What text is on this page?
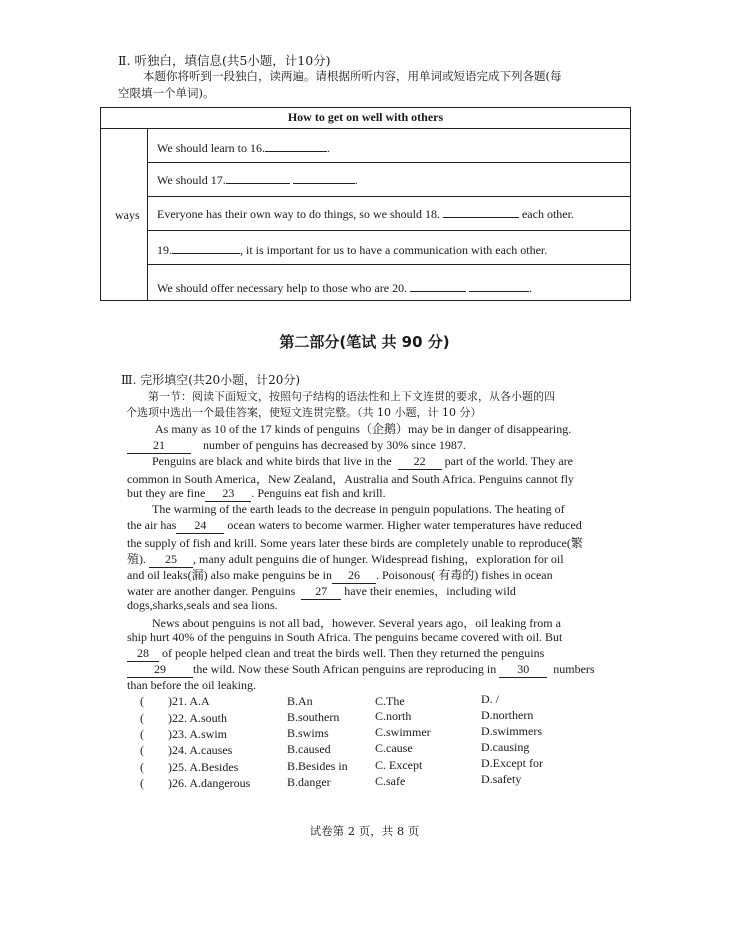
Ⅱ. 听独白，填信息(共5小题，计10分)
本题你将听到一段独白，读两遍。请根据所听内容，用单词或短语完成下列各题(每
空限填一个单词)。
How to get on well with others
ways
We should learn to 16.	.
We should 17.	.
Everyone has their own way to do things, so we should 18.	each other.
19.	, it is important for us to have a communication with each other.
We should offer necessary help to those who are 20.	.
第二部分(笔试 共 90 分)
Ⅲ. 完形填空(共20小题，计20分)
第一节：阅读下面短文，按照句子结构的语法性和上下文连贯的要求，从各小题的四
个选项中选出一个最佳答案，使短文连贯完整。（共 10 小题，计 10 分）
As many as 10 of the 17 kinds of penguins（企鹅）may be in danger of disappearing.
21	number of penguins has decreased by 30% since 1987.
Penguins are black and white birds that live in the 22 part of the world. They are
common in South America，New Zealand，Australia and South Africa. Penguins cannot fly
but they are fine 23 . Penguins eat fish and krill.
The warming of the earth leads to the decrease in penguin populations. The heating of
the air has 24 ocean waters to become warmer. Higher water temperatures have reduced
the supply of fish and krill. Some years later these birds are completely unable to reproduce(繁
殖). 25 , many adult penguins die of hunger. Widespread fishing，exploration for oil
and oil leaks(漏) also make penguins be in 26 . Poisonous( 有毒的) fishes in ocean
water are another danger. Penguins 27 have their enemies，including wild
dogs,sharks,seals and sea lions.
News about penguins is not all bad，however. Several years ago，oil leaking from a
ship hurt 40% of the penguins in South Africa. The penguins became covered with oil. But
28 of people helped clean and treat the birds well. Then they returned the penguins
29 the wild. Now these South African penguins are reproducing in 30 numbers
than before the oil leaking.
( )21. A.A	B.An	C.The	D. /
( )22. A.south	B.southern	C.north	D.northern
( )23. A.swim	B.swims	C.swimmer	D.swimmers
( )24. A.causes	B.caused	C.cause	D.causing
( )25. A.Besides	B.Besides in C. Except	D.Except for
( )26. A.dangerous	B.danger	C.safe	D.safety
试卷第 2 页，共 8 页
